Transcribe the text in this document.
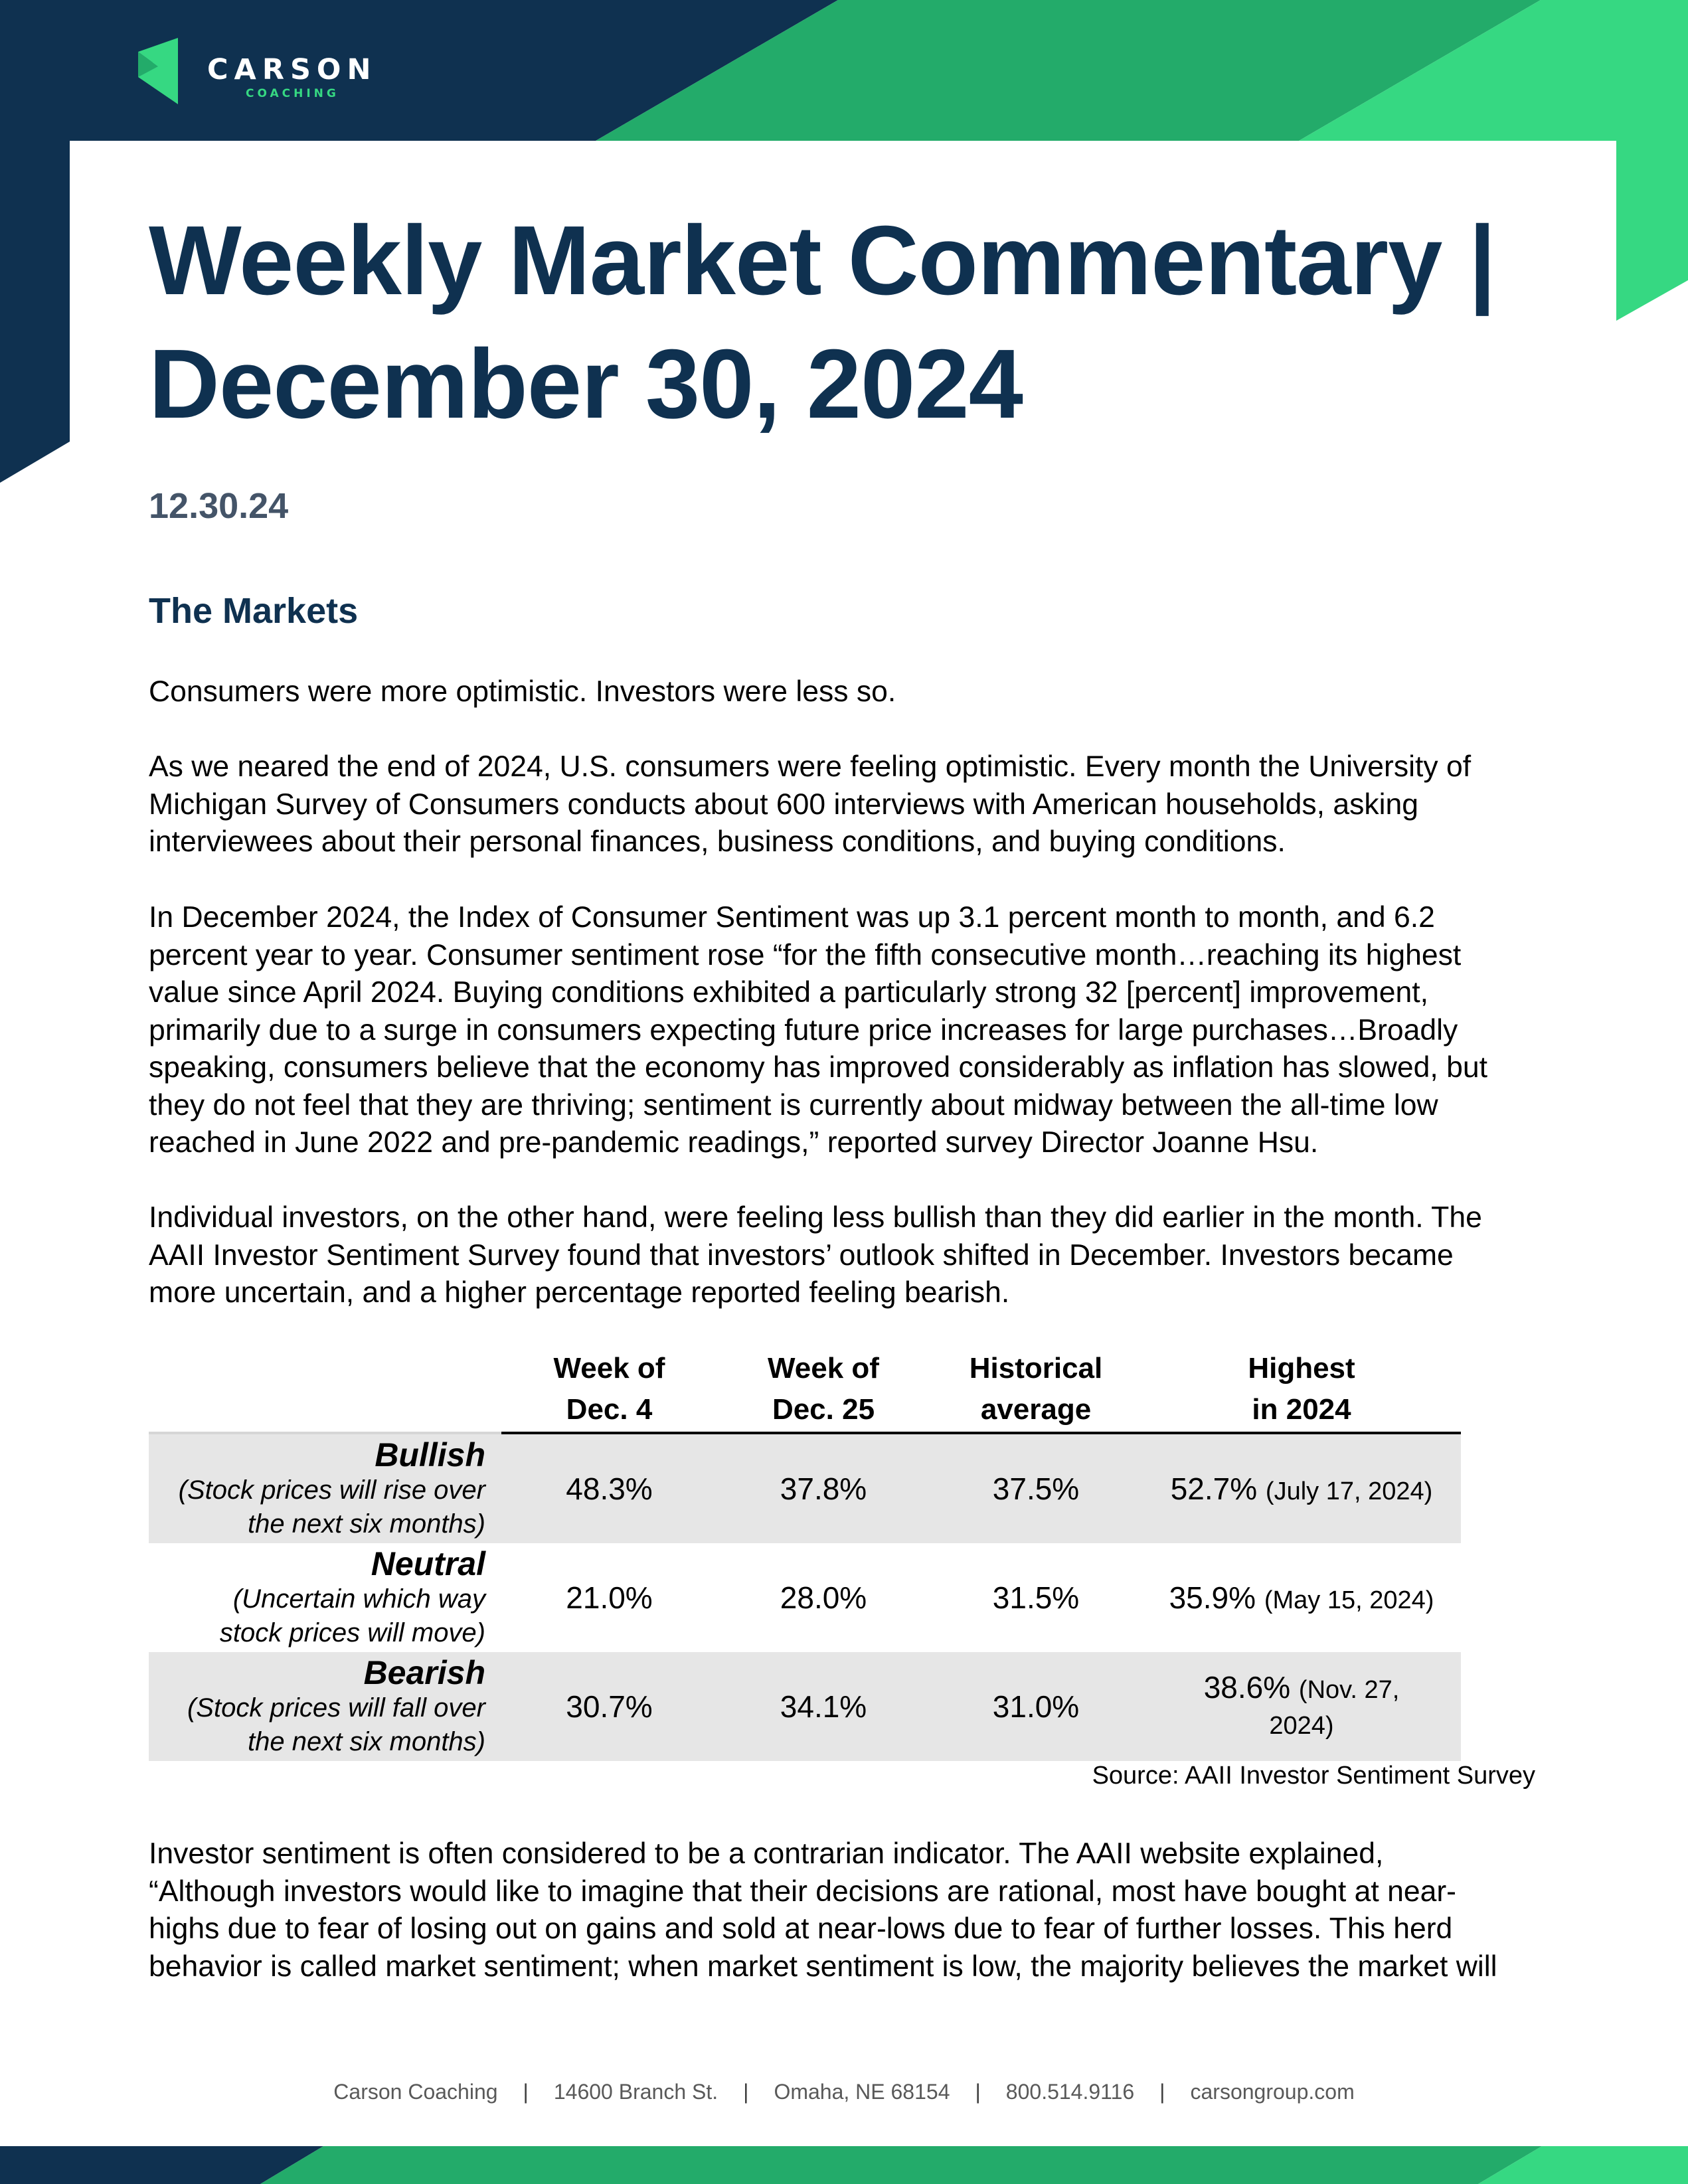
CARSON
COACHING
Weekly Market Commentary |
December 30, 2024
12.30.24
The Markets

Consumers were more optimistic. Investors were less so.

As we neared the end of 2024, U.S. consumers were feeling optimistic. Every month the University of
Michigan Survey of Consumers conducts about 600 interviews with American households, asking
interviewees about their personal finances, business conditions, and buying conditions.

In December 2024, the Index of Consumer Sentiment was up 3.1 percent month to month, and 6.2
percent year to year. Consumer sentiment rose “for the fifth consecutive month…reaching its highest
value since April 2024. Buying conditions exhibited a particularly strong 32 [percent] improvement,
primarily due to a surge in consumers expecting future price increases for large purchases…Broadly
speaking, consumers believe that the economy has improved considerably as inflation has slowed, but
they do not feel that they are thriving; sentiment is currently about midway between the all-time low
reached in June 2022 and pre-pandemic readings,” reported survey Director Joanne Hsu.

Individual investors, on the other hand, were feeling less bullish than they did earlier in the month. The
AAII Investor Sentiment Survey found that investors’ outlook shifted in December. Investors became
more uncertain, and a higher percentage reported feeling bearish.

	Week of
Dec. 4	Week of
Dec. 25	Historical
average	Highest
in 2024

Bullish
(Stock prices will rise over
the next six months)	48.3%	37.8%	37.5%	52.7% (July 17, 2024)

Neutral
(Uncertain which way
stock prices will move)	21.0%	28.0%	31.5%	35.9% (May 15, 2024)

Bearish
(Stock prices will fall over
the next six months)	30.7%	34.1%	31.0%	38.6% (Nov. 27,
2024)
Source: AAII Investor Sentiment Survey

Investor sentiment is often considered to be a contrarian indicator. The AAII website explained,
“Although investors would like to imagine that their decisions are rational, most have bought at near-
highs due to fear of losing out on gains and sold at near-lows due to fear of further losses. This herd
behavior is called market sentiment; when market sentiment is low, the majority believes the market will

Carson Coaching | 14600 Branch St. | Omaha, NE 68154 | 800.514.9116 | carsongroup.com
